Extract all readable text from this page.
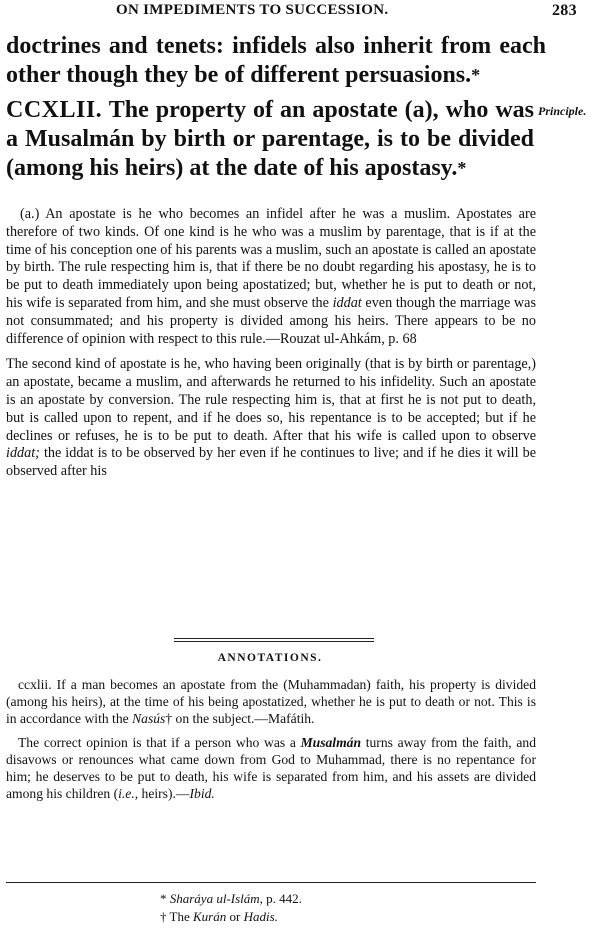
ON IMPEDIMENTS TO SUCCESSION.	283
doctrines and tenets: infidels also inherit from each other though they be of different persuasions.*
CCXLII. The property of an apostate (a), who was a Musalmán by birth or parentage, is to be divided (among his heirs) at the date of his apostasy.*
Principle.

(a.) An apostate is he who becomes an infidel after he was a muslim. Apostates are therefore of two kinds. Of one kind is he who was a muslim by parentage, that is if at the time of his conception one of his parents was a muslim, such an apostate is called an apostate by birth. The rule respecting him is, that if there be no doubt regarding his apostasy, he is to be put to death immediately upon being apostatized; but, whether he is put to death or not, his wife is separated from him, and she must observe the iddat even though the marriage was not consummated; and his property is divided among his heirs. There appears to be no difference of opinion with respect to this rule.—Rouzat ul-Ahkám, p. 68

The second kind of apostate is he, who having been originally (that is by birth or parentage,) an apostate, became a muslim, and afterwards he returned to his infidelity. Such an apostate is an apostate by conversion. The rule respecting him is, that at first he is not put to death, but is called upon to repent, and if he does so, his repentance is to be accepted; but if he declines or refuses, he is to be put to death. After that his wife is called upon to observe iddat; the iddat is to be observed by her even if he continues to live; and if he dies it will be observed after his

ANNOTATIONS.

ccxlii. If a man becomes an apostate from the (Muhammadan) faith, his property is divided (among his heirs), at the time of his being apostatized, whether he is put to death or not. This is in accordance with the Nasús† on the subject.—Mafátih.

The correct opinion is that if a person who was a Musalmán turns away from the faith, and disavows or renounces what came down from God to Muhammad, there is no repentance for him; he deserves to be put to death, his wife is separated from him, and his assets are divided among his children (i.e., heirs).—Ibid.

* Sharáya ul-Islám, p. 442.
† The Kurán or Hadis.
